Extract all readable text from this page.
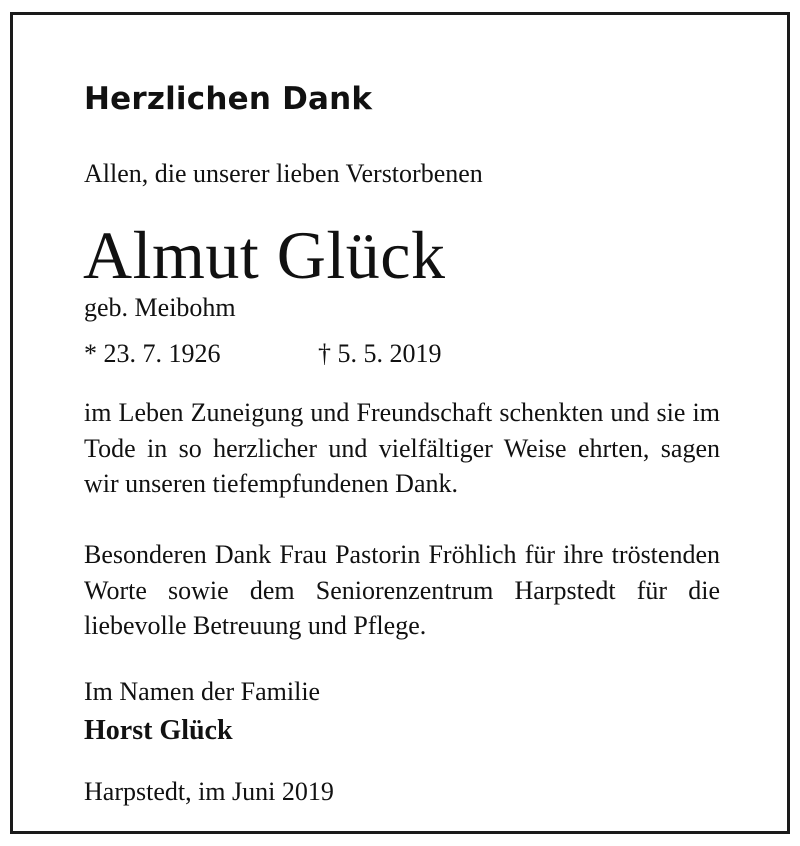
Herzlichen Dank
Allen, die unserer lieben Verstorbenen
Almut Glück
geb. Meibohm
* 23. 7. 1926	† 5. 5. 2019

im Leben Zuneigung und Freundschaft schenkten und sie im Tode in so herzlicher und vielfältiger Weise ehrten, sagen wir unseren tiefempfundenen Dank.

Besonderen Dank Frau Pastorin Fröhlich für ihre tröstenden Worte sowie dem Seniorenzentrum Harpstedt für die liebevolle Betreuung und Pflege.

Im Namen der Familie
Horst Glück
Harpstedt, im Juni 2019
